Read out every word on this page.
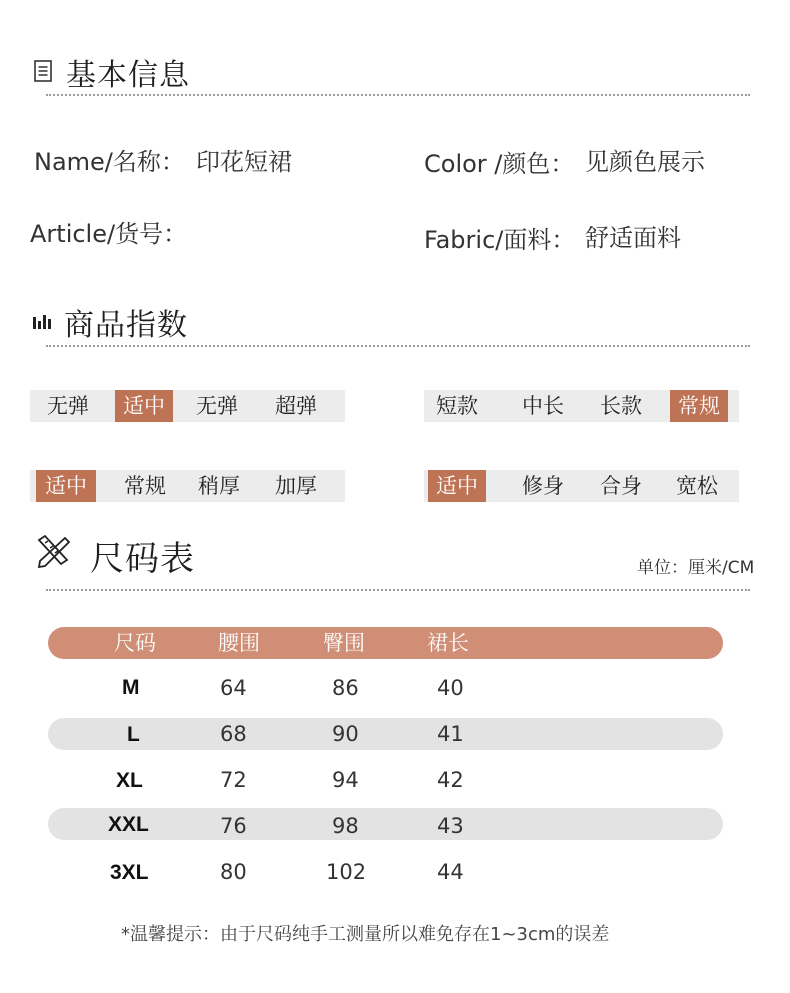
基本信息
Name/名称： 印花短裙	Color /颜色： 见颜色展示
Article/货号：	Fabric/面料： 舒适面料
商品指数
无弹	适中	无弹	超弹	短款	中长	长款	常规
适中	常规	稍厚	加厚	适中	修身	合身	宽松
尺码表	单位：厘米/CM
尺码	腰围	臀围	裙长
M	64	86	40
L	68	90	41
XL	72	94	42
XXL	76	98	43
3XL	80	102	44
*温馨提示：由于尺码纯手工测量所以难免存在1~3cm的误差
